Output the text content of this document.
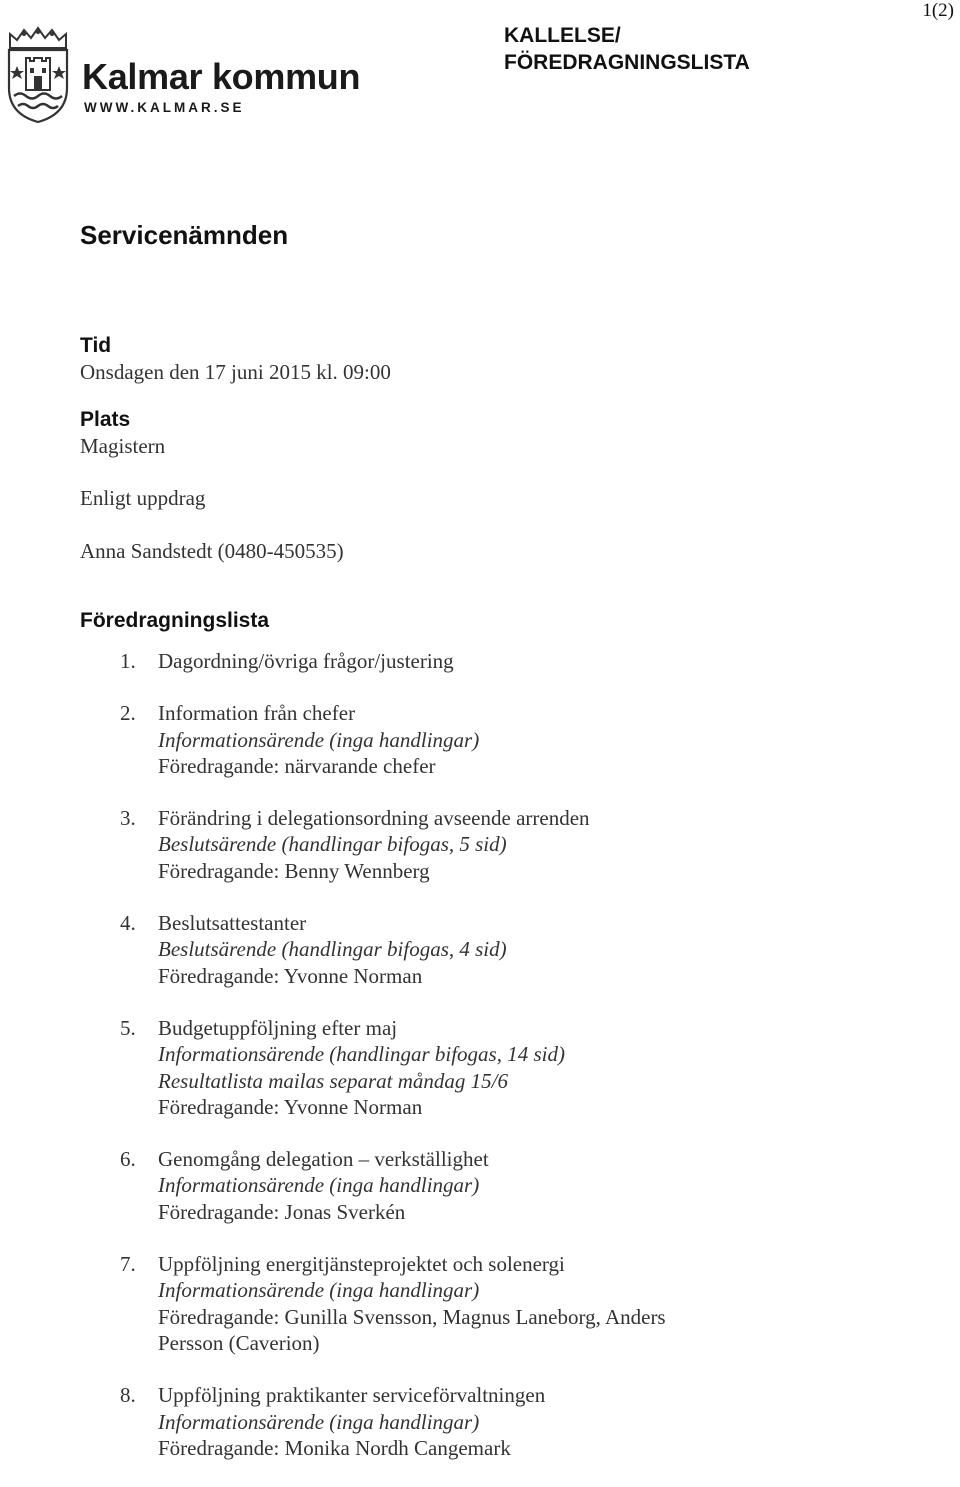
1(2)
Kalmar kommun
WWW.KALMAR.SE
KALLELSE/
FÖREDRAGNINGSLISTA
Servicenämnden
Tid
Onsdagen den 17 juni 2015 kl. 09:00
Plats
Magistern
Enligt uppdrag
Anna Sandstedt (0480-450535)
Föredragningslista
1.	Dagordning/övriga frågor/justering
2.	Information från chefer
Informationsärende (inga handlingar)
Föredragande: närvarande chefer
3.	Förändring i delegationsordning avseende arrenden
Beslutsärende (handlingar bifogas, 5 sid)
Föredragande: Benny Wennberg
4.	Beslutsattestanter
Beslutsärende (handlingar bifogas, 4 sid)
Föredragande: Yvonne Norman
5.	Budgetuppföljning efter maj
Informationsärende (handlingar bifogas, 14 sid)
Resultatlista mailas separat måndag 15/6
Föredragande: Yvonne Norman
6.	Genomgång delegation – verkställighet
Informationsärende (inga handlingar)
Föredragande: Jonas Sverkén
7.	Uppföljning energitjänsteprojektet och solenergi
Informationsärende (inga handlingar)
Föredragande: Gunilla Svensson, Magnus Laneborg, Anders
Persson (Caverion)
8.	Uppföljning praktikanter serviceförvaltningen
Informationsärende (inga handlingar)
Föredragande: Monika Nordh Cangemark
